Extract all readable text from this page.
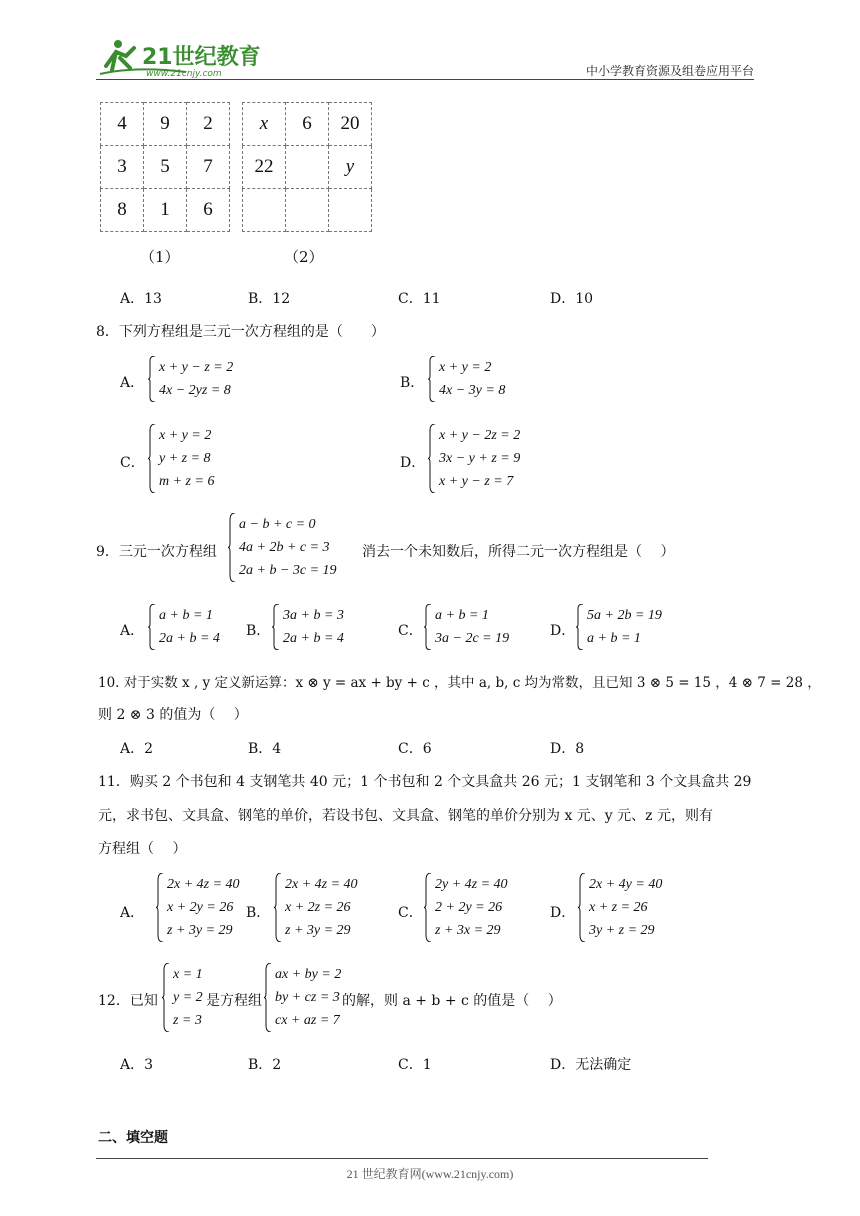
21世纪教育
www.21cnjy.com	中小学教育资源及组卷应用平台
4	9	2
3	5	7
8	1	6
（1）
x	6	20
22		y

（2）
A．13	B．12	C．11	D．10
8．下列方程组是三元一次方程组的是（　　）
A．
x + y − z = 2
4x − 2yz = 8	B．
x + y = 2
4x − 3y = 8
C．
x + y = 2
y + z = 8
m + z = 6
D．
x + y − 2z = 2
3x − y + z = 9
x + y − z = 7
9．三元一次方程组
a − b + c = 0
4a + 2b + c = 3
2a + b − 3c = 19
消去一个未知数后，所得二元一次方程组是（　 ）
A．
a + b = 1
2a + b = 4 B．
3a + b = 3
2a + b = 4	C．
a + b = 1
3a − 2c = 19	D．
5a + 2b = 19
a + b = 1
10. 对于实数 x , y 定义新运算：x ⊗ y = ax + by + c ，其中 a, b, c 均为常数，且已知 3 ⊗ 5 = 15 ，4 ⊗ 7 = 28 ，
则 2 ⊗ 3 的值为（　 ）
A．2	B．4	C．6	D．8
11．购买 2 个书包和 4 支钢笔共 40 元；1 个书包和 2 个文具盒共 26 元；1 支钢笔和 3 个文具盒共 29
元，求书包、文具盒、钢笔的单价，若设书包、文具盒、钢笔的单价分别为 x 元、y 元、z 元，则有
方程组（　 ）
A．
2x + 4z = 40
x + 2y = 26
z + 3y = 29
B．
2x + 4z = 40
x + 2z = 26
z + 3y = 29
C．
2y + 4z = 40
2 + 2y = 26
z + 3x = 29
D．
2x + 4y = 40
x + z = 26
3y + z = 29
12．已知
x = 1
y = 2
z = 3
是方程组
ax + by = 2
by + cz = 3
cx + az = 7
的解，则 a + b + c 的值是（　 ）
A．3	B．2	C．1	D．无法确定
二、填空题
21 世纪教育网(www.21cnjy.com)
